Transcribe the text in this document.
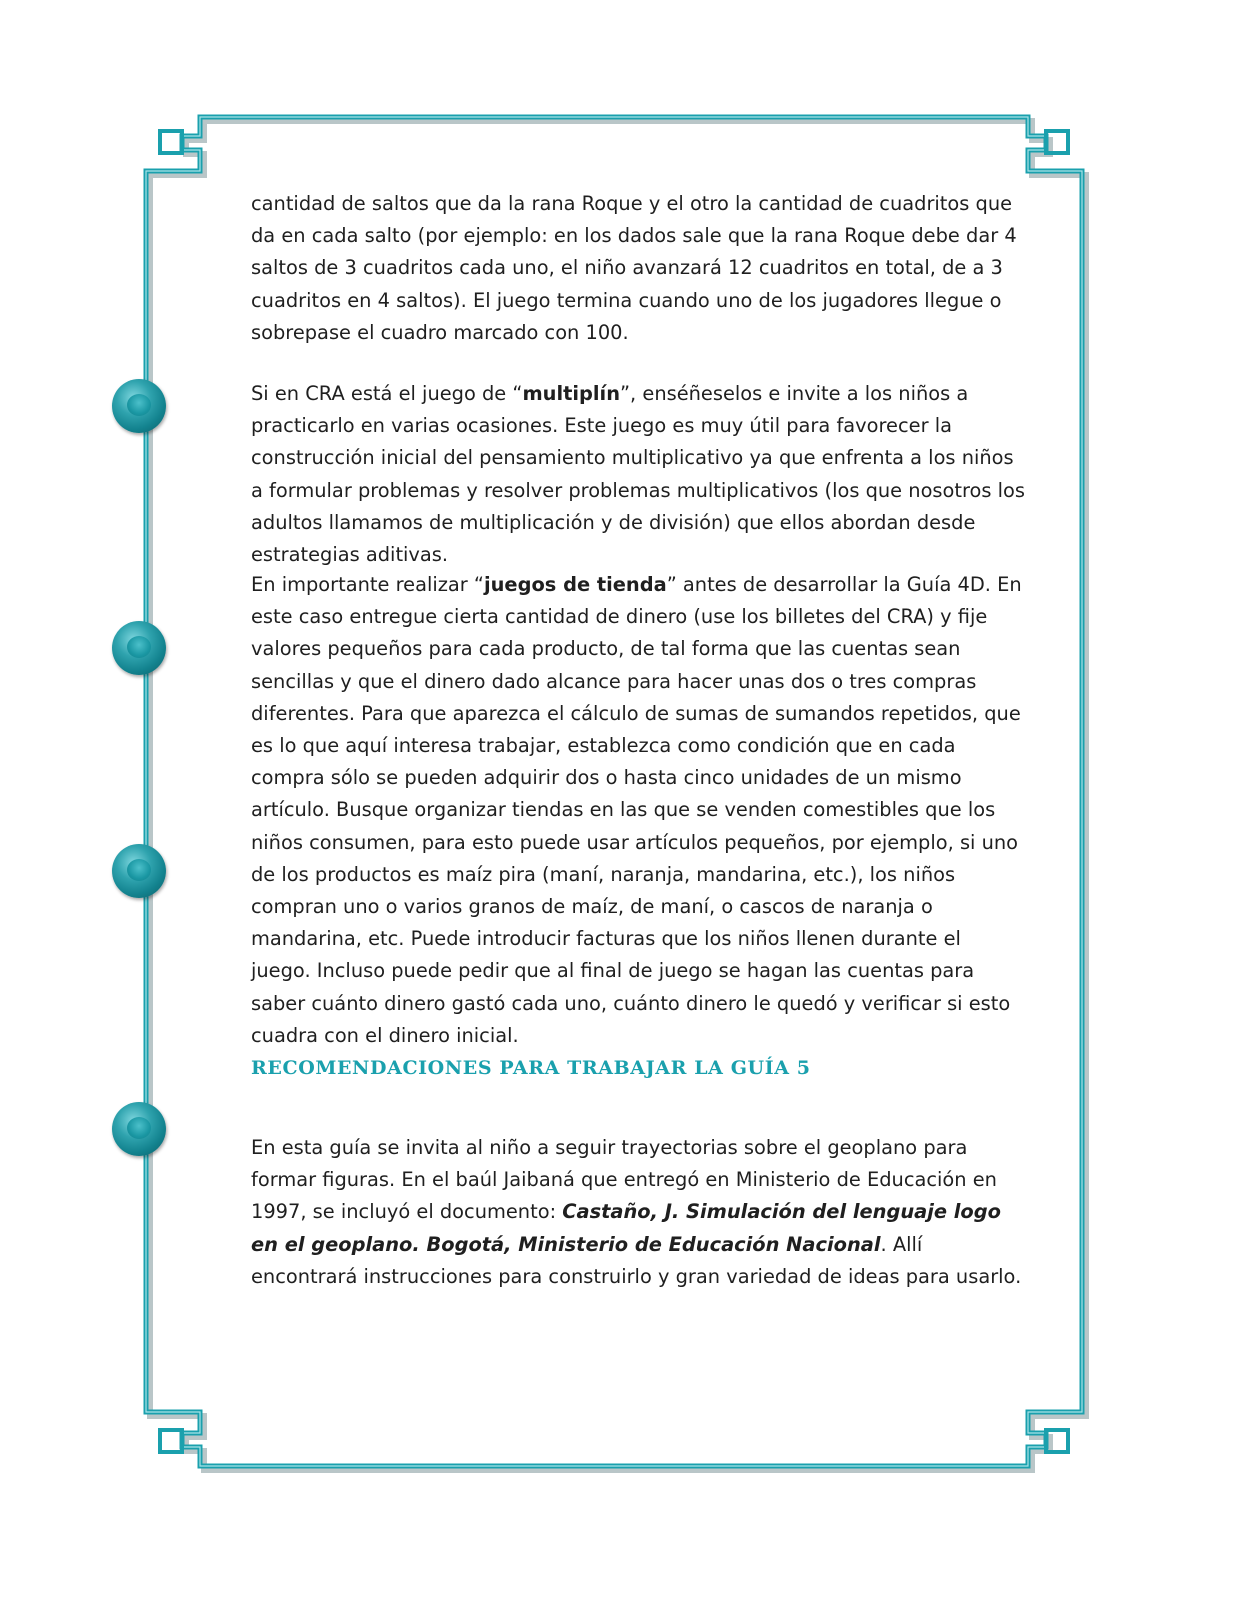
cantidad de saltos que da la rana Roque y el otro la cantidad de cuadritos que da en cada salto (por ejemplo: en los dados sale que la rana Roque debe dar 4 saltos de 3 cuadritos cada uno, el niño avanzará 12 cuadritos en total, de a 3 cuadritos en 4 saltos). El juego termina cuando uno de los jugadores llegue o sobrepase el cuadro marcado con 100.

Si en CRA está el juego de “multiplín”, enséñeselos e invite a los niños a practicarlo en varias ocasiones. Este juego es muy útil para favorecer la construcción inicial del pensamiento multiplicativo ya que enfrenta a los niños a formular problemas y resolver problemas multiplicativos (los que nosotros los adultos llamamos de multiplicación y de división) que ellos abordan desde estrategias aditivas.

En importante realizar “juegos de tienda” antes de desarrollar la Guía 4D. En este caso entregue cierta cantidad de dinero (use los billetes del CRA) y fije valores pequeños para cada producto, de tal forma que las cuentas sean sencillas y que el dinero dado alcance para hacer unas dos o tres compras diferentes. Para que aparezca el cálculo de sumas de sumandos repetidos, que es lo que aquí interesa trabajar, establezca como condición que en cada compra sólo se pueden adquirir dos o hasta cinco unidades de un mismo artículo. Busque organizar tiendas en las que se venden comestibles que los niños consumen, para esto puede usar artículos pequeños, por ejemplo, si uno de los productos es maíz pira (maní, naranja, mandarina, etc.), los niños compran uno o varios granos de maíz, de maní, o cascos de naranja o mandarina, etc. Puede introducir facturas que los niños llenen durante el juego. Incluso puede pedir que al final de juego se hagan las cuentas para saber cuánto dinero gastó cada uno, cuánto dinero le quedó y verificar si esto cuadra con el dinero inicial.

RECOMENDACIONES PARA TRABAJAR LA GUÍA 5

En esta guía se invita al niño a seguir trayectorias sobre el geoplano para formar figuras. En el baúl Jaibaná que entregó en Ministerio de Educación en 1997, se incluyó el documento: Castaño, J. Simulación del lenguaje logo en el geoplano. Bogotá, Ministerio de Educación Nacional. Allí encontrará instrucciones para construirlo y gran variedad de ideas para usarlo.
